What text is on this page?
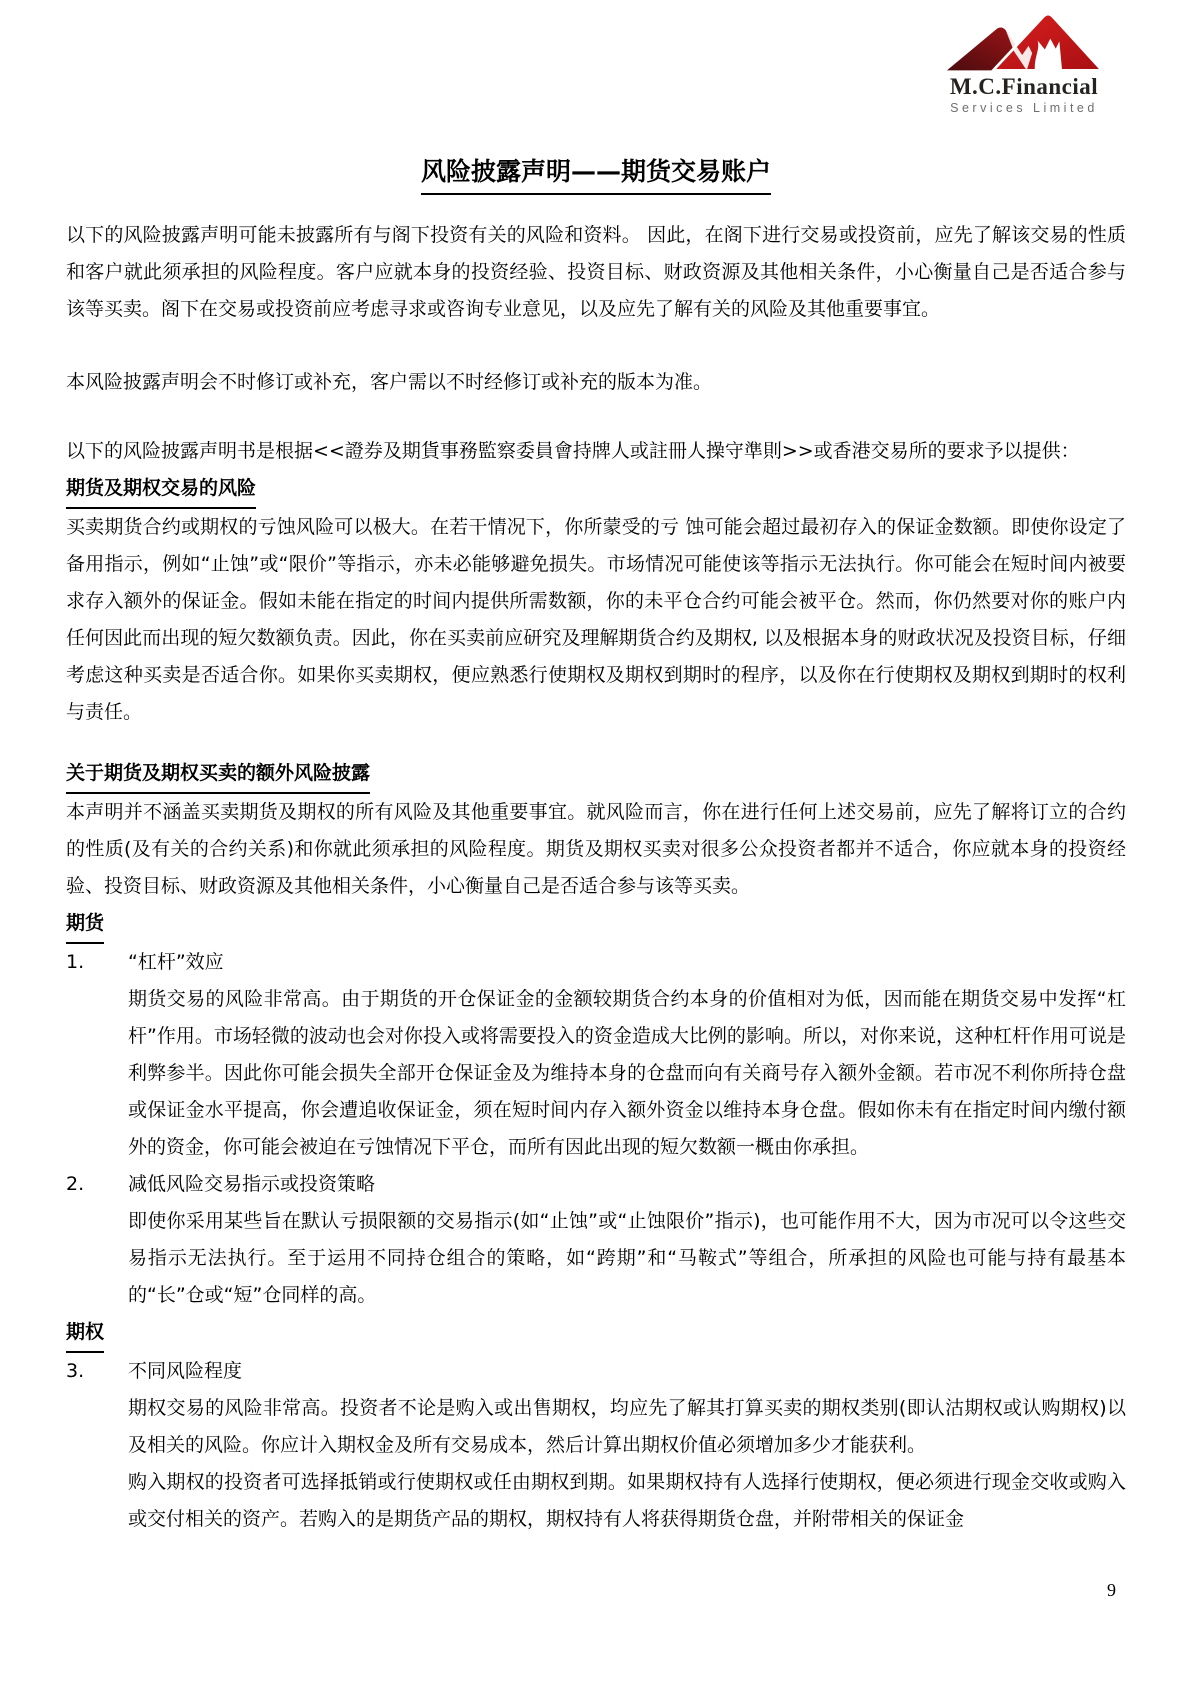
M.C.Financial
Services Limited
风险披露声明——期货交易账户

以下的风险披露声明可能未披露所有与阁下投资有关的风险和资料。 因此，在阁下进行交易或投资前，应先了解该交易的性质和客户就此须承担的风险程度。客户应就本身的投资经验、投资目标、财政资源及其他相关条件，小心衡量自己是否适合参与该等买卖。阁下在交易或投资前应考虑寻求或咨询专业意见，以及应先了解有关的风险及其他重要事宜。

本风险披露声明会不时修订或补充，客户需以不时经修订或补充的版本为准。

以下的风险披露声明书是根据<<證券及期貨事務監察委員會持牌人或註冊人操守準則>>或香港交易所的要求予以提供：

期货及期权交易的风险

买卖期货合约或期权的亏蚀风险可以极大。在若干情况下，你所蒙受的亏 蚀可能会超过最初存入的保证金数额。即使你设定了备用指示，例如“止蚀”或“限价”等指示，亦未必能够避免损失。市场情况可能使该等指示无法执行。你可能会在短时间内被要求存入额外的保证金。假如未能在指定的时间内提供所需数额，你的未平仓合约可能会被平仓。然而，你仍然要对你的账户内任何因此而出现的短欠数额负责。因此，你在买卖前应研究及理解期货合约及期权, 以及根据本身的财政状况及投资目标，仔细考虑这种买卖是否适合你。如果你买卖期权，便应熟悉行使期权及期权到期时的程序，以及你在行使期权及期权到期时的权利与责任。

关于期货及期权买卖的额外风险披露

本声明并不涵盖买卖期货及期权的所有风险及其他重要事宜。就风险而言，你在进行任何上述交易前，应先了解将订立的合约的性质(及有关的合约关系)和你就此须承担的风险程度。期货及期权买卖对很多公众投资者都并不适合，你应就本身的投资经验、投资目标、财政资源及其他相关条件，小心衡量自己是否适合参与该等买卖。

期货
1.	“杠杆”效应

期货交易的风险非常高。由于期货的开仓保证金的金额较期货合约本身的价值相对为低，因而能在期货交易中发挥“杠杆”作用。市场轻微的波动也会对你投入或将需要投入的资金造成大比例的影响。所以，对你来说，这种杠杆作用可说是利弊参半。因此你可能会损失全部开仓保证金及为维持本身的仓盘而向有关商号存入额外金额。若市况不利你所持仓盘或保证金水平提高，你会遭追收保证金，须在短时间内存入额外资金以维持本身仓盘。假如你未有在指定时间内缴付额外的资金，你可能会被迫在亏蚀情况下平仓，而所有因此出现的短欠数额一概由你承担。

2.	减低风险交易指示或投资策略

即使你采用某些旨在默认亏损限额的交易指示(如“止蚀”或“止蚀限价”指示)，也可能作用不大，因为市况可以令这些交易指示无法执行。至于运用不同持仓组合的策略，如“跨期”和“马鞍式”等组合，所承担的风险也可能与持有最基本的“长”仓或“短”仓同样的高。

期权
3.	不同风险程度

期权交易的风险非常高。投资者不论是购入或出售期权，均应先了解其打算买卖的期权类别(即认沽期权或认购期权)以及相关的风险。你应计入期权金及所有交易成本，然后计算出期权价值必须增加多少才能获利。

购入期权的投资者可选择抵销或行使期权或任由期权到期。如果期权持有人选择行使期权，便必须进行现金交收或购入或交付相关的资产。若购入的是期货产品的期权，期权持有人将获得期货仓盘，并附带相关的保证金

9
